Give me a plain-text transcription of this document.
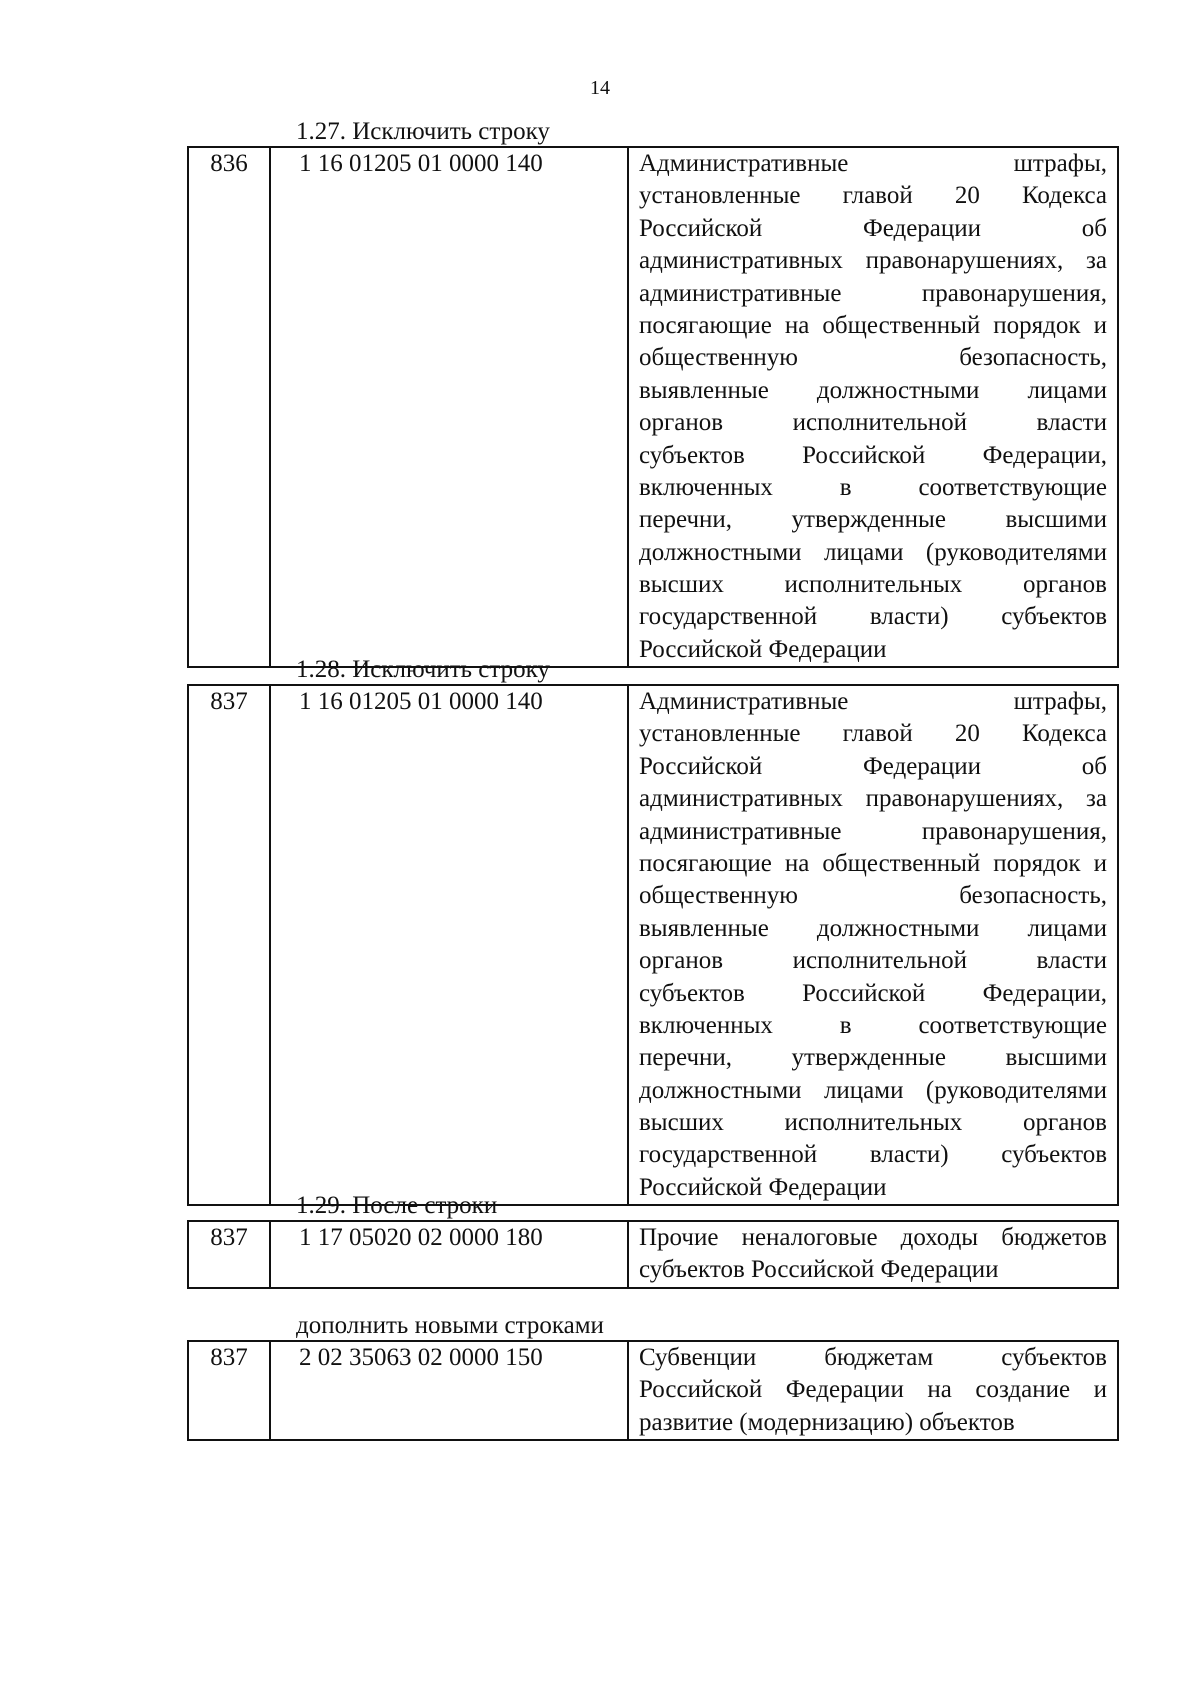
14
1.27. Исключить строку
836	1 16 01205 01 0000 140	Административные	штрафы,
установленные главой 20 Кодекса
Российской	Федерации	об
административных правонарушениях, за
административные	правонарушения,
посягающие на общественный порядок и
общественную	безопасность,
выявленные должностными лицами
органов	исполнительной	власти
субъектов Российской Федерации,
включенных	в	соответствующие
перечни, утвержденные высшими
должностными лицами (руководителями
высших исполнительных органов
государственной власти) субъектов
Российской Федерации
1.28. Исключить строку
837	1 16 01205 01 0000 140	Административные	штрафы,
установленные главой 20 Кодекса
Российской	Федерации	об
административных правонарушениях, за
административные	правонарушения,
посягающие на общественный порядок и
общественную	безопасность,
выявленные должностными лицами
органов	исполнительной	власти
субъектов Российской Федерации,
включенных	в	соответствующие
перечни, утвержденные высшими
должностными лицами (руководителями
высших исполнительных органов
государственной власти) субъектов
Российской Федерации
1.29. После строки
837	1 17 05020 02 0000 180	Прочие неналоговые доходы бюджетов
субъектов Российской Федерации
дополнить новыми строками
837	2 02 35063 02 0000 150	Субвенции	бюджетам	субъектов
Российской Федерации на создание и
развитие (модернизацию) объектов
